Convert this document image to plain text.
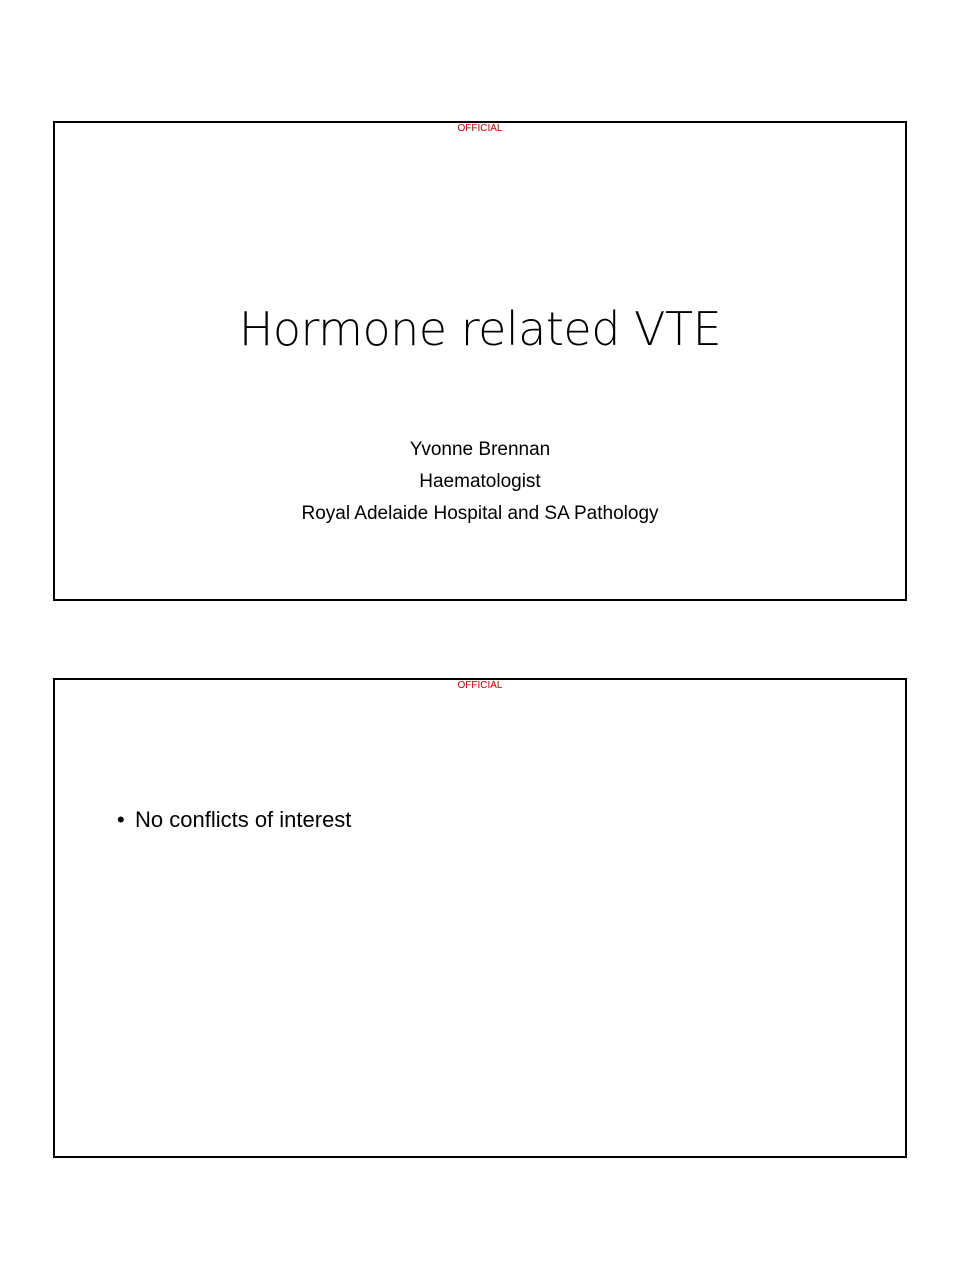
OFFICIAL
Hormone related VTE
Yvonne Brennan
Haematologist
Royal Adelaide Hospital and SA Pathology
OFFICIAL
• No conflicts of interest
